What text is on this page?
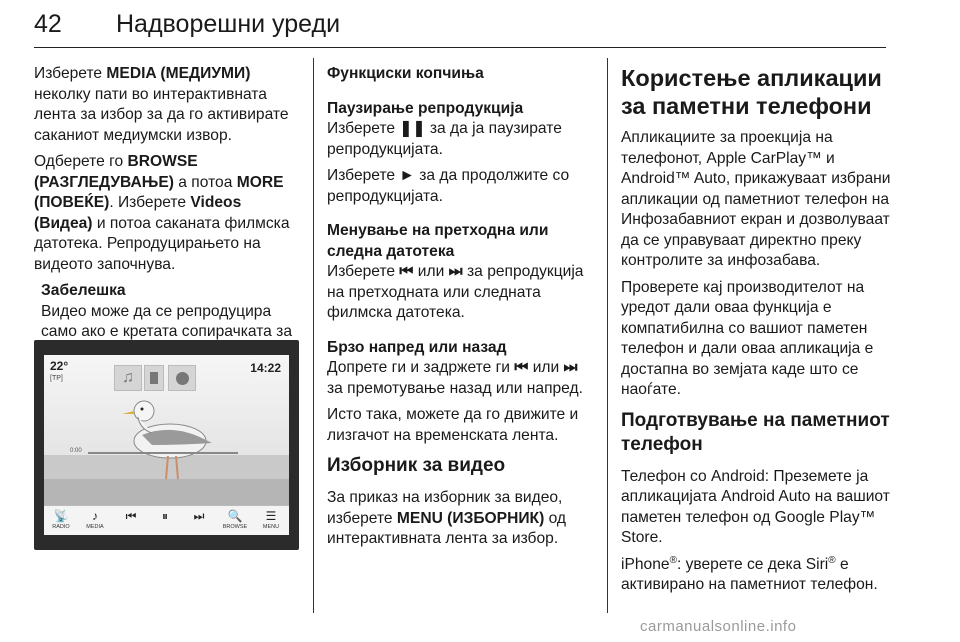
42 Надворешни уреди

Изберете MEDIA (МЕДИУМИ) неколку пати во интерактивната лента за избор за да го активирате саканиот медиумски извор.

Одберете го BROWSE (РАЗГЛЕДУВАЊЕ) а потоа MORE (ПОВЕЌЕ). Изберете Videos (Видеа) и потоа саканата филмска датотека. Репродуцирањето на видеото започнува.

Забелешка
Видео може да се репродуцира само ако е кретата сопирачката за
♫
22°
[TP]
14:22
0:00
📡
RADIO
♪
MEDIA
⏮	⏸	⏭	🔍
BROWSE
☰
MENU
Функциски копчиња
Паузирање репродукција

Изберете ❚❚ за да ја паузирате репродукцијата.

Изберете ► за да продолжите со репродукцијата.

Менување на претходна или следна датотека

Изберете ⏮ или ⏭ за репродукција на претходната или следната филмска датотека.

Брзо напред или назад

Допрете ги и задржете ги ⏮ или ⏭ за премотување назад или напред.

Исто така, можете да го движите и лизгачот на временската лента.

Изборник за видео

За приказ на изборник за видео, изберете MENU (ИЗБОРНИК) од интерактивната лента за избор.

Користење апликации за паметни телефони

Апликациите за проекција на телефонот, Apple CarPlay™ и Android™ Auto, прикажуваат избрани апликации од паметниот телефон на Инфозабавниот екран и дозволуваат да се управуваат директно преку контролите за инфозабава.

Проверете кај производителот на уредот дали оваа функција е компатибилна со вашиот паметен телефон и дали оваа апликација е достапна во земјата каде што се наоѓате.

Подготвување на паметниот телефон

Телефон со Android: Преземете ја апликацијата Android Auto на вашиот паметен телефон од Google Play™ Store.

iPhone®: уверете се дека Siri® е активирано на паметниот телефон.

carmanualsonline.info
